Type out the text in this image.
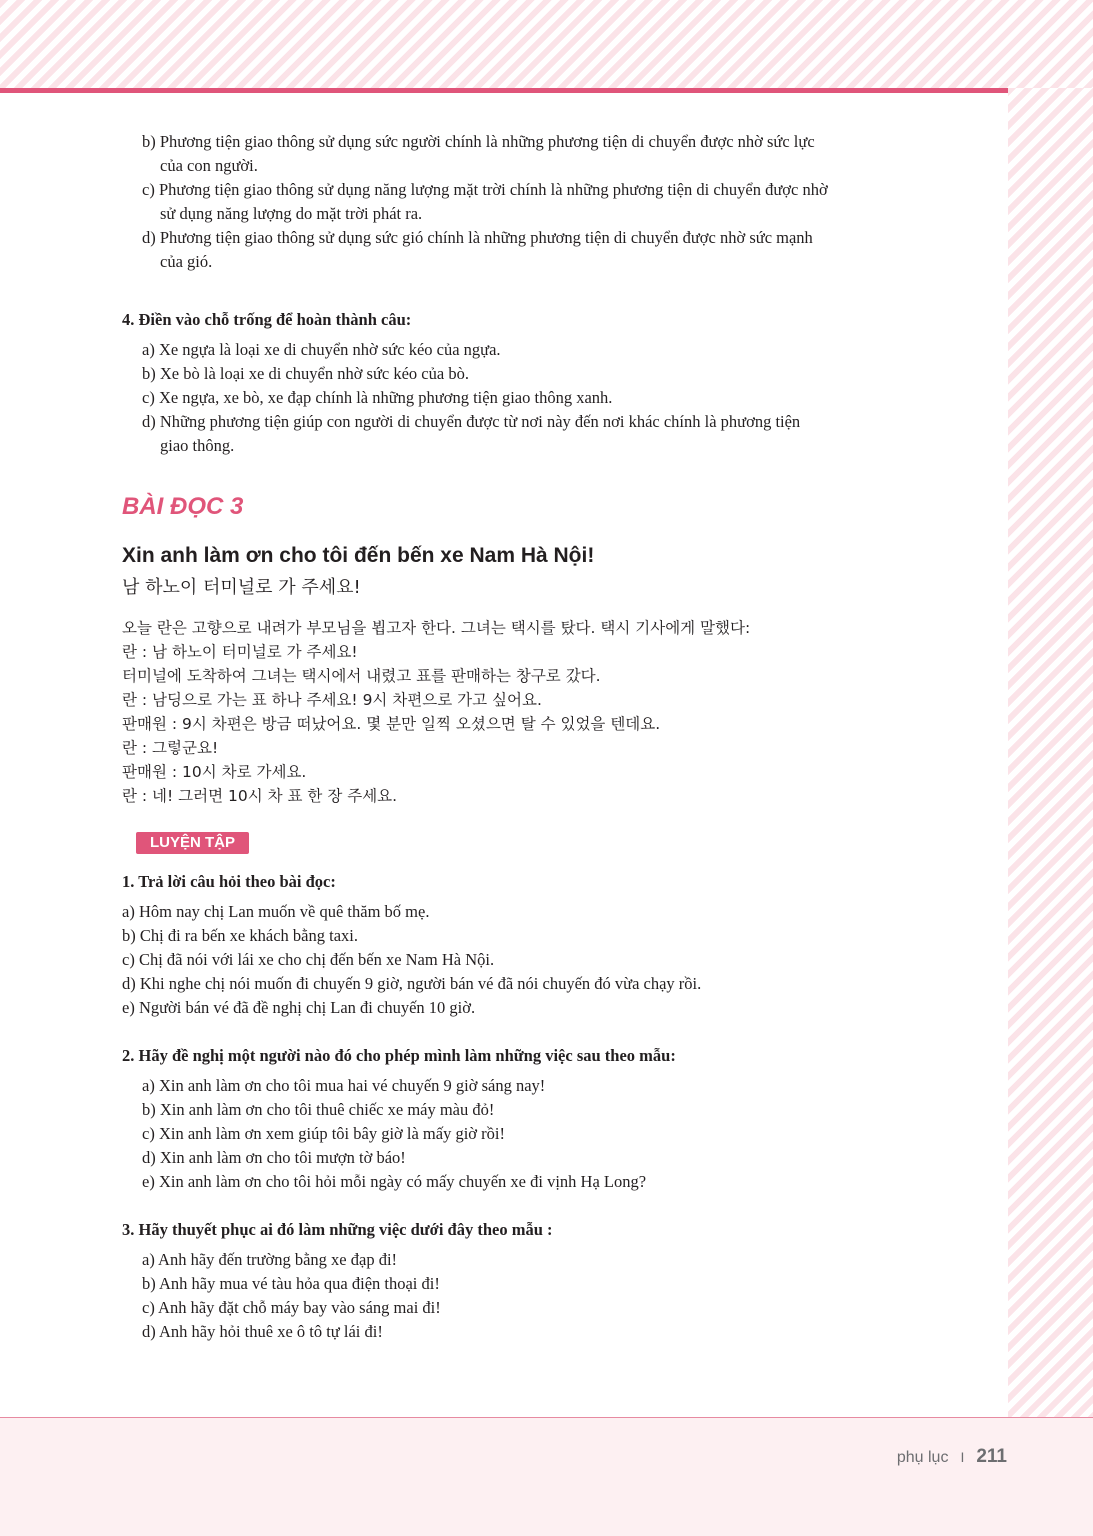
b) Phương tiện giao thông sử dụng sức người chính là những phương tiện di chuyển được nhờ sức lực
của con người.
c) Phương tiện giao thông sử dụng năng lượng mặt trời chính là những phương tiện di chuyển được nhờ
sử dụng năng lượng do mặt trời phát ra.
d) Phương tiện giao thông sử dụng sức gió chính là những phương tiện di chuyển được nhờ sức mạnh
của gió.
4. Điền vào chỗ trống để hoàn thành câu:
a) Xe ngựa là loại xe di chuyển nhờ sức kéo của ngựa.
b) Xe bò là loại xe di chuyển nhờ sức kéo của bò.
c) Xe ngựa, xe bò, xe đạp chính là những phương tiện giao thông xanh.
d) Những phương tiện giúp con người di chuyển được từ nơi này đến nơi khác chính là phương tiện
giao thông.
BÀI ĐỌC 3
Xin anh làm ơn cho tôi đến bến xe Nam Hà Nội!
남 하노이 터미널로 가 주세요!
오늘 란은 고향으로 내려가 부모님을 뵙고자 한다. 그녀는 택시를 탔다. 택시 기사에게 말했다:
란 : 남 하노이 터미널로 가 주세요!
터미널에 도착하여 그녀는 택시에서 내렸고 표를 판매하는 창구로 갔다.
란 : 남딩으로 가는 표 하나 주세요! 9시 차편으로 가고 싶어요.
판매원 : 9시 차편은 방금 떠났어요. 몇 분만 일찍 오셨으면 탈 수 있었을 텐데요.
란 : 그렇군요!
판매원 : 10시 차로 가세요.
란 : 네! 그러면 10시 차 표 한 장 주세요.
LUYỆN TẬP
1. Trả lời câu hỏi theo bài đọc:
a) Hôm nay chị Lan muốn về quê thăm bố mẹ.
b) Chị đi ra bến xe khách bằng taxi.
c) Chị đã nói với lái xe cho chị đến bến xe Nam Hà Nội.
d) Khi nghe chị nói muốn đi chuyến 9 giờ, người bán vé đã nói chuyến đó vừa chạy rồi.
e) Người bán vé đã đề nghị chị Lan đi chuyến 10 giờ.
2. Hãy đề nghị một người nào đó cho phép mình làm những việc sau theo mẫu:
a) Xin anh làm ơn cho tôi mua hai vé chuyến 9 giờ sáng nay!
b) Xin anh làm ơn cho tôi thuê chiếc xe máy màu đỏ!
c) Xin anh làm ơn xem giúp tôi bây giờ là mấy giờ rồi!
d) Xin anh làm ơn cho tôi mượn tờ báo!
e) Xin anh làm ơn cho tôi hỏi mỗi ngày có mấy chuyến xe đi vịnh Hạ Long?
3. Hãy thuyết phục ai đó làm những việc dưới đây theo mẫu :
a) Anh hãy đến trường bằng xe đạp đi!
b) Anh hãy mua vé tàu hỏa qua điện thoại đi!
c) Anh hãy đặt chỗ máy bay vào sáng mai đi!
d) Anh hãy hỏi thuê xe ô tô tự lái đi!
phụ lục I 211
